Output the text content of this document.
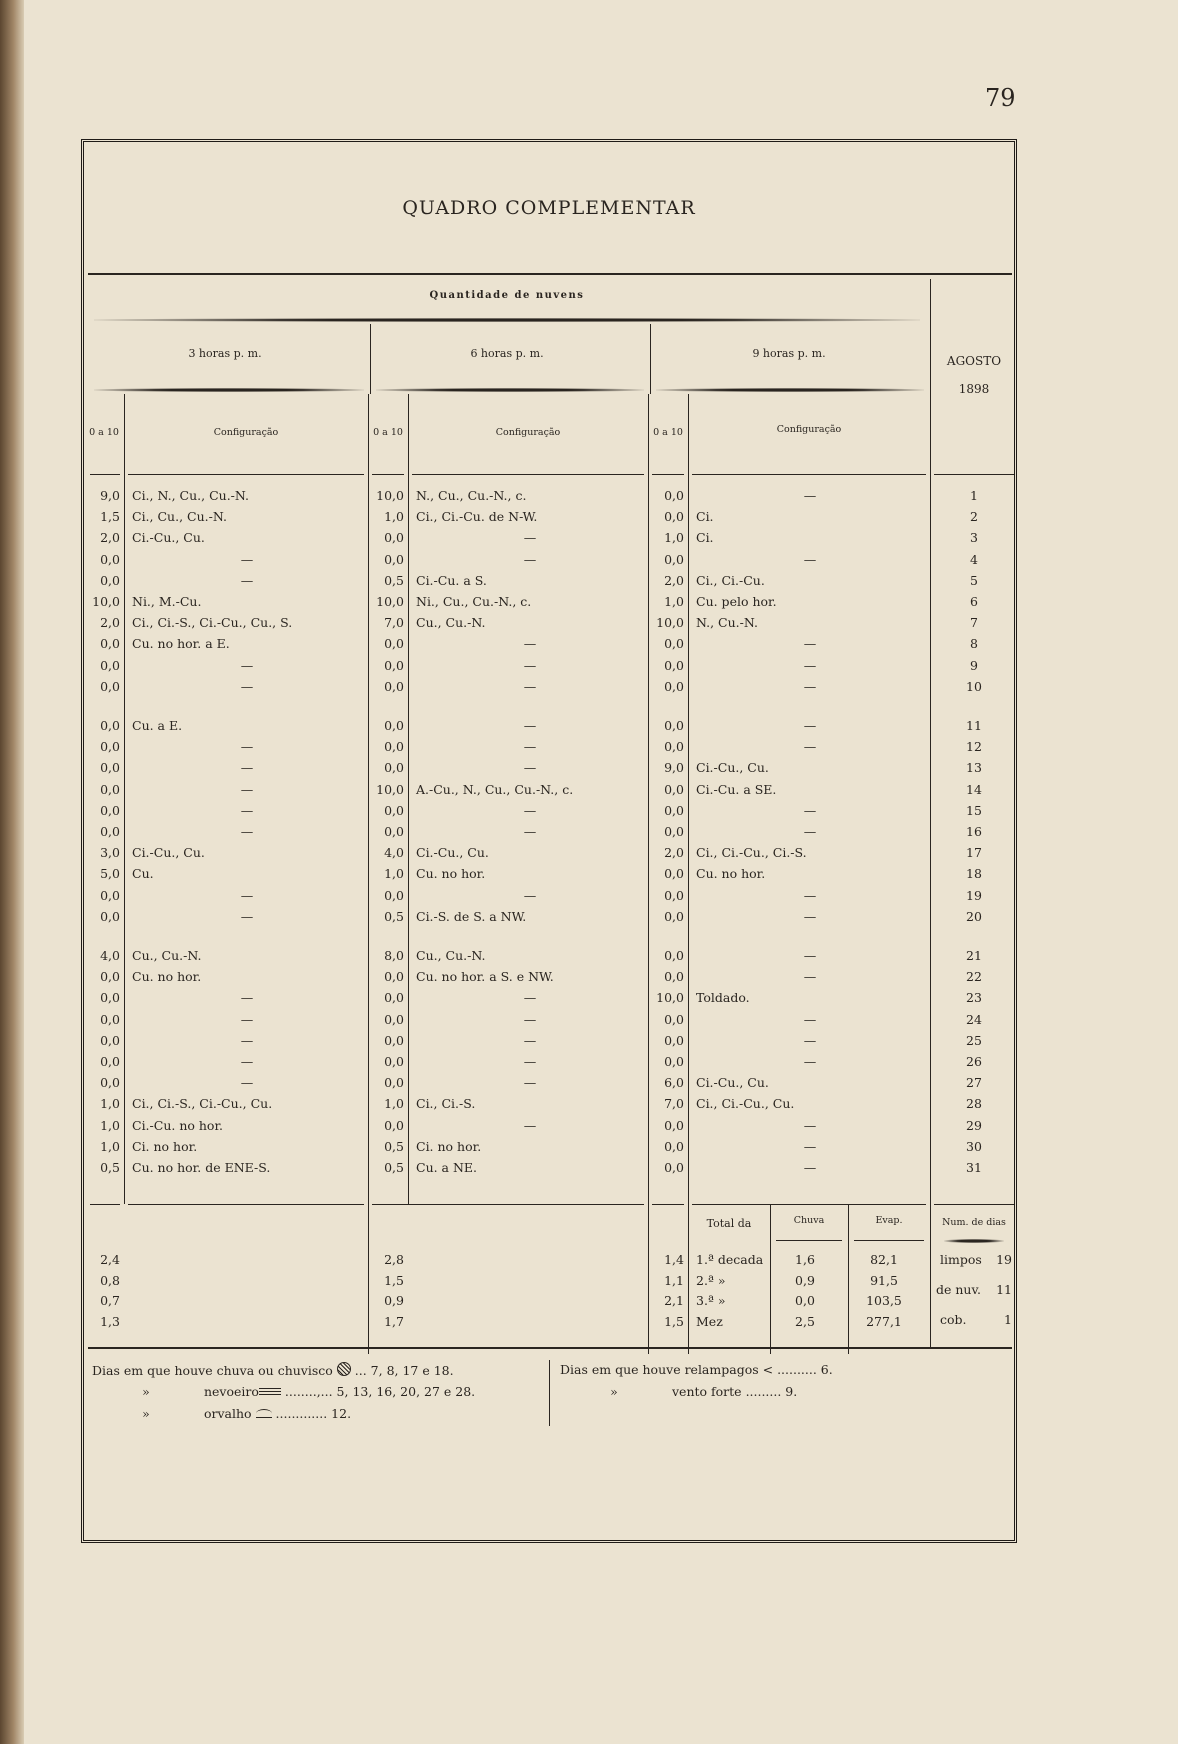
79
QUADRO COMPLEMENTAR
Quantidade de nuvens
3 horas p. m.	6 horas p. m.	9 horas p. m.
AGOSTO
1898
0 a 10	Configuração	0 a 10	Configuração	0 a 10	Configuração
9,0 Ci., N., Cu., Cu.-N.	10,0 N., Cu., Cu.-N., c.	0,0	—	1
1,5 Ci., Cu., Cu.-N.	1,0 Ci., Ci.-Cu. de N-W.	0,0 Ci.	2
2,0 Ci.-Cu., Cu.	0,0	—	1,0 Ci.	3
0,0	—	0,0	—	0,0	—	4
0,0	—	0,5 Ci.-Cu. a S.	2,0 Ci., Ci.-Cu.	5
10,0 Ni., M.-Cu.	10,0 Ni., Cu., Cu.-N., c.	1,0 Cu. pelo hor.	6
2,0 Ci., Ci.-S., Ci.-Cu., Cu., S.	7,0 Cu., Cu.-N.	10,0 N., Cu.-N.	7
0,0 Cu. no hor. a E.	0,0	—	0,0	—	8
0,0	—	0,0	—	0,0	—	9
0,0	—	0,0	—	0,0	—	10
0,0 Cu. a E.	0,0	—	0,0	—	11
0,0	—	0,0	—	0,0	—	12
0,0	—	0,0	—	9,0 Ci.-Cu., Cu.	13
0,0	—	10,0 A.-Cu., N., Cu., Cu.-N., c.	0,0 Ci.-Cu. a SE.	14
0,0	—	0,0	—	0,0	—	15
0,0	—	0,0	—	0,0	—	16
3,0 Ci.-Cu., Cu.	4,0 Ci.-Cu., Cu.	2,0 Ci., Ci.-Cu., Ci.-S.	17
5,0 Cu.	1,0 Cu. no hor.	0,0 Cu. no hor.	18
0,0	—	0,0	—	0,0	—	19
0,0	—	0,5 Ci.-S. de S. a NW.	0,0	—	20
4,0 Cu., Cu.-N.	8,0 Cu., Cu.-N.	0,0	—	21
0,0 Cu. no hor.	0,0 Cu. no hor. a S. e NW.	0,0	—	22
0,0	—	0,0	—	10,0 Toldado.	23
0,0	—	0,0	—	0,0	—	24
0,0	—	0,0	—	0,0	—	25
0,0	—	0,0	—	0,0	—	26
0,0	—	0,0	—	6,0 Ci.-Cu., Cu.	27
1,0 Ci., Ci.-S., Ci.-Cu., Cu.	1,0 Ci., Ci.-S.	7,0 Ci., Ci.-Cu., Cu.	28
1,0 Ci.-Cu. no hor.	0,0	—	0,0	—	29
1,0 Ci. no hor.	0,5 Ci. no hor.	0,0	—	30
0,5 Cu. no hor. de ENE-S.	0,5 Cu. a NE.	0,0	—	31
Total da	Chuva	Evap.	Num. de dias
2,4	2,8	1,4 1.ª decada	1,6	82,1
0,8	1,5	1,1 2.ª »	0,9	91,5
0,7	0,9	2,1 3.ª »	0,0	103,5
1,3	1,7	1,5 Mez	2,5	277,1
limpos	19
de nuv.	11
cob.	1
Dias em que houve chuva ou chuvisco ... 7, 8, 17 e 18.
»	nevoeiro ........,... 5, 13, 16, 20, 27 e 28.
»	orvalho ............. 12.
Dias em que houve relampagos < .......... 6.
»	vento forte ......... 9.
